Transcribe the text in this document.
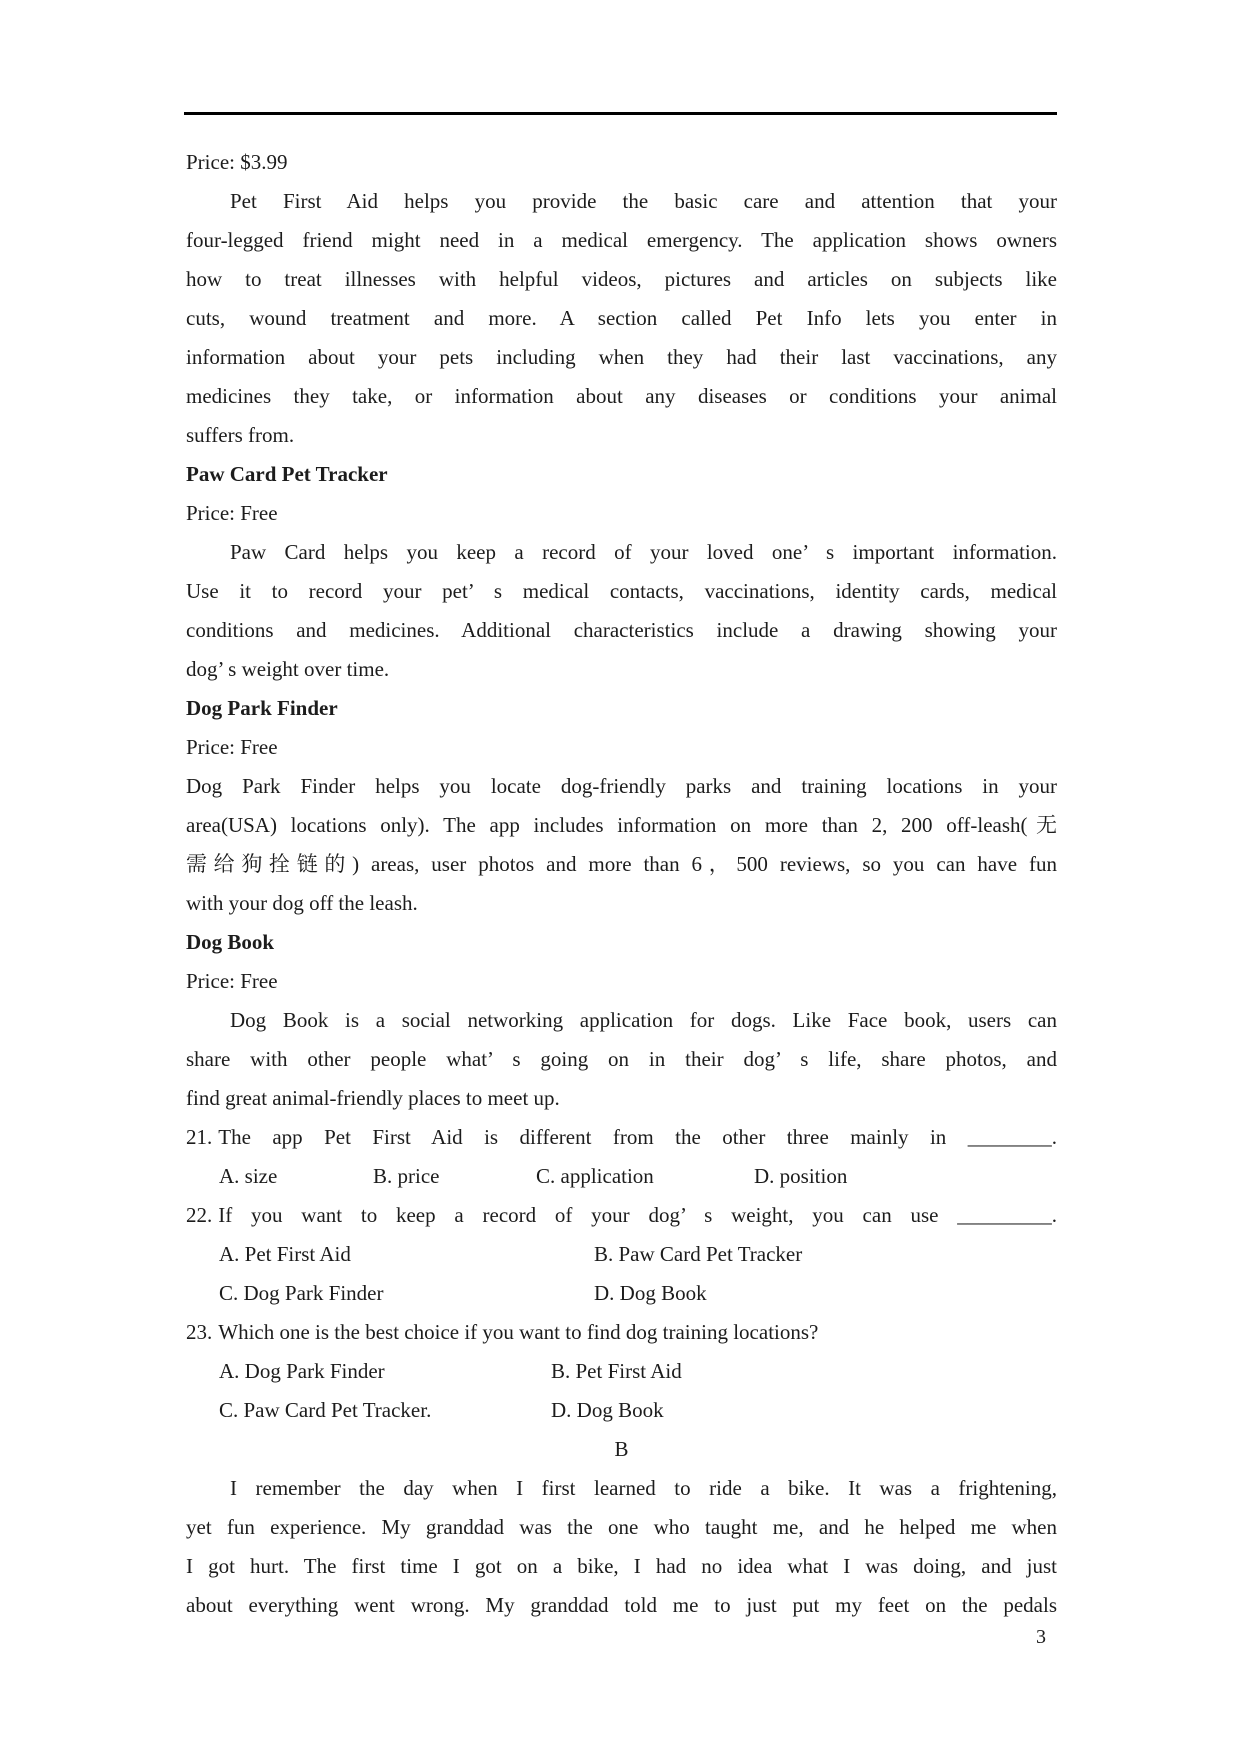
Price: $3.99
Pet First Aid helps you provide the basic care and attention that your
four-legged friend might need in a medical emergency. The application shows owners
how to treat illnesses with helpful videos, pictures and articles on subjects like
cuts, wound treatment and more. A section called Pet Info lets you enter in
information about your pets including when they had their last vaccinations, any
medicines they take, or information about any diseases or conditions your animal
suffers from.
Paw Card Pet Tracker
Price: Free
Paw Card helps you keep a record of your loved one’ s important information.
Use it to record your pet’ s medical contacts, vaccinations, identity cards, medical
conditions and medicines. Additional characteristics include a drawing showing your
dog’ s weight over time.
Dog Park Finder
Price: Free
Dog Park Finder helps you locate dog-friendly parks and training locations in your
area(USA) locations only). The app includes information on more than 2, 200 off-leash(无
需给狗拴链的) areas, user photos and more than 6，500 reviews, so you can have fun
with your dog off the leash.
Dog Book
Price: Free
Dog Book is a social networking application for dogs. Like Face book, users can
share with other people what’ s going on in their dog’ s life, share photos, and
find great animal-friendly places to meet up.
21. The app Pet First Aid is different from the other three mainly in ________.
A. size	B. price	C. application	D. position
22. If you want to keep a record of your dog’ s weight, you can use _________.
A. Pet First Aid	B. Paw Card Pet Tracker
C. Dog Park Finder	D. Dog Book
23. Which one is the best choice if you want to find dog training locations?
A. Dog Park Finder	B. Pet First Aid
C. Paw Card Pet Tracker.	D. Dog Book
B
I remember the day when I first learned to ride a bike. It was a frightening,
yet fun experience. My granddad was the one who taught me, and he helped me when
I got hurt. The first time I got on a bike, I had no idea what I was doing, and just
about everything went wrong. My granddad told me to just put my feet on the pedals
3
